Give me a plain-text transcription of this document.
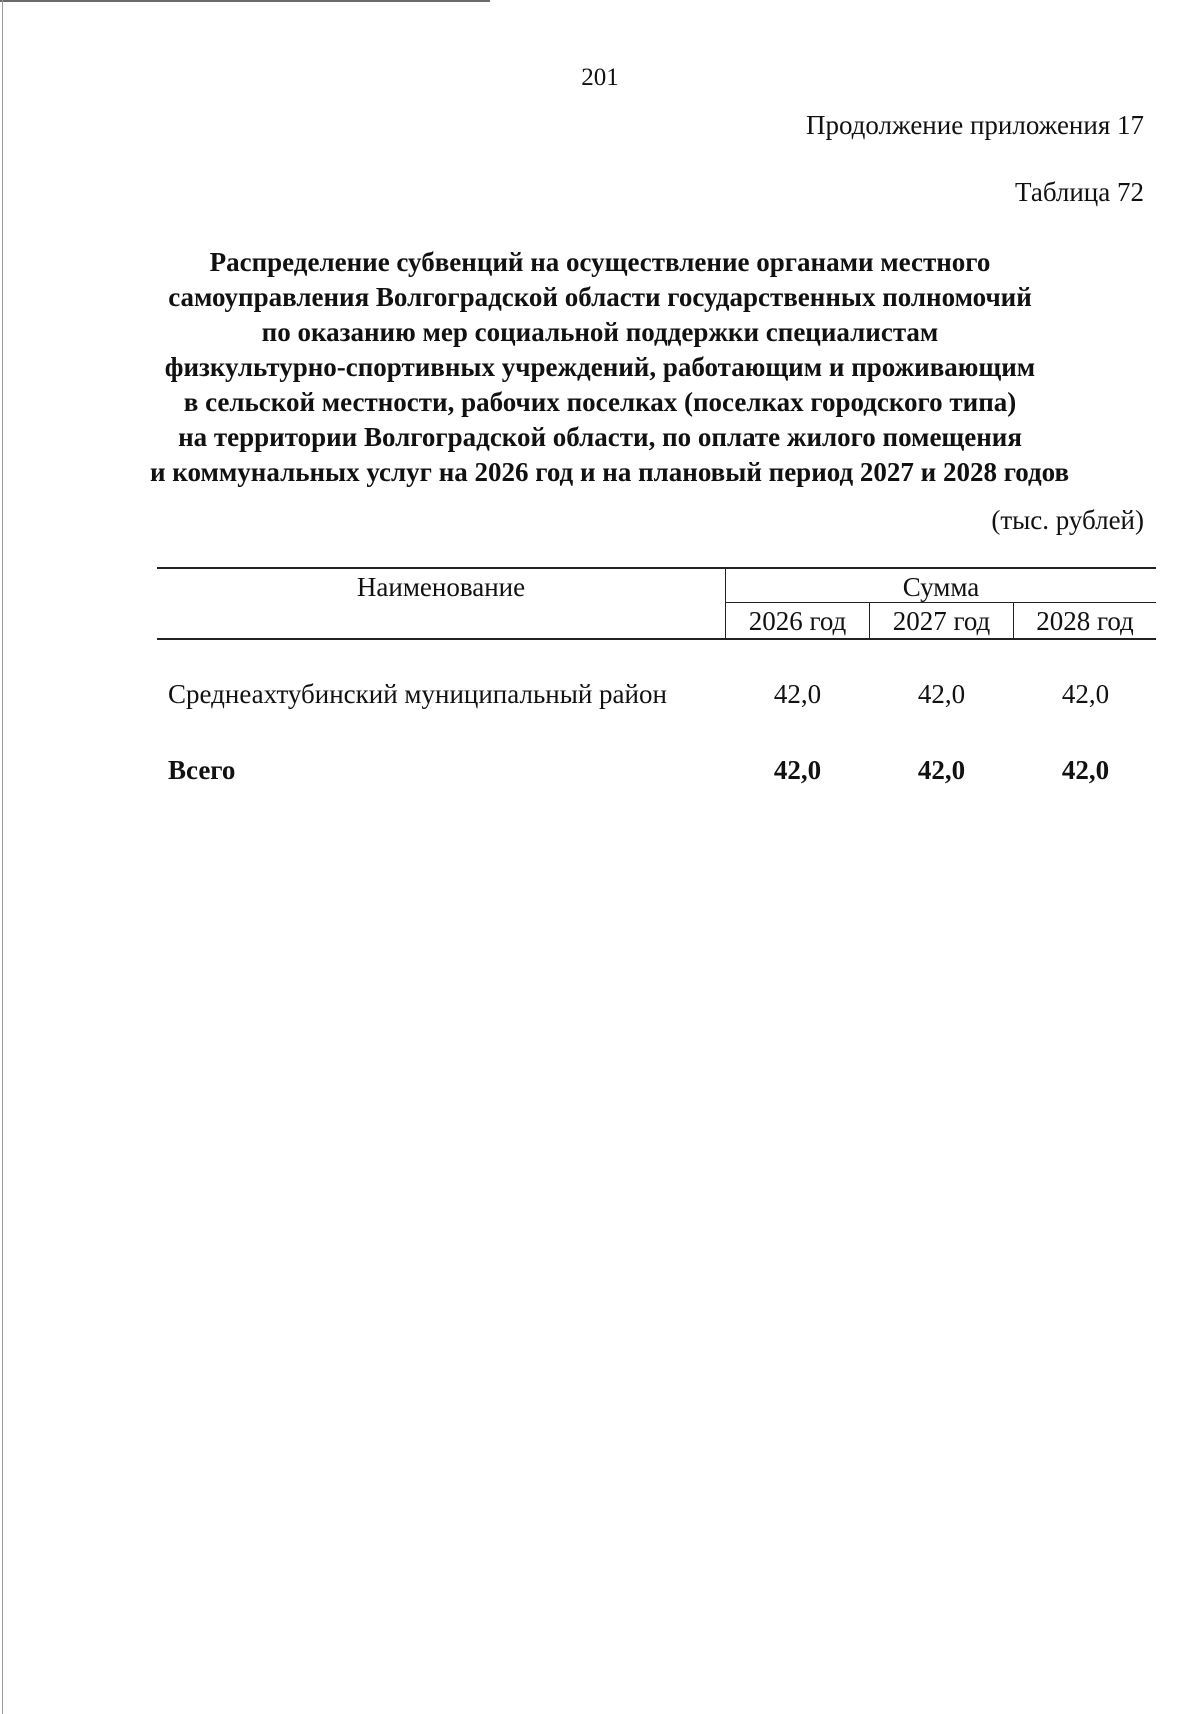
201
Продолжение приложения 17
Таблица 72
Распределение субвенций на осуществление органами местного
самоуправления Волгоградской области государственных полномочий
по оказанию мер социальной поддержки специалистам
физкультурно-спортивных учреждений, работающим и проживающим
в сельской местности, рабочих поселках (поселках городского типа)
на территории Волгоградской области, по оплате жилого помещения
и коммунальных услуг на 2026 год и на плановый период 2027 и 2028 годов
(тыс. рублей)
Наименование	Сумма
2026 год	2027 год	2028 год
Среднеахтубинский муниципальный район	42,0	42,0	42,0
Всего	42,0	42,0	42,0
